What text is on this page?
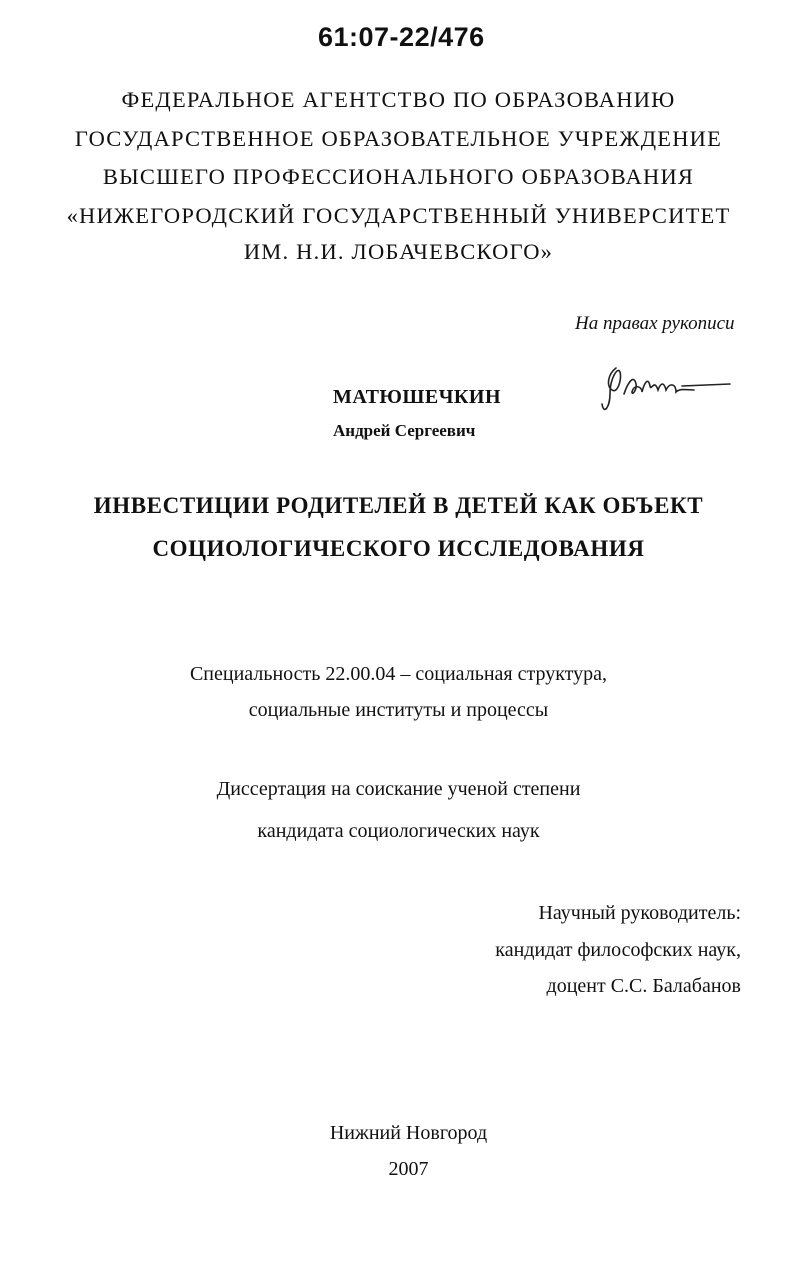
61:07-22/476
ФЕДЕРАЛЬНОЕ АГЕНТСТВО ПО ОБРАЗОВАНИЮ
ГОСУДАРСТВЕННОЕ ОБРАЗОВАТЕЛЬНОЕ УЧРЕЖДЕНИЕ
ВЫСШЕГО ПРОФЕССИОНАЛЬНОГО ОБРАЗОВАНИЯ
«НИЖЕГОРОДСКИЙ ГОСУДАРСТВЕННЫЙ УНИВЕРСИТЕТ
ИМ. Н.И. ЛОБАЧЕВСКОГО»
На правах рукописи
МАТЮШЕЧКИН
Андрей Сергеевич
ИНВЕСТИЦИИ РОДИТЕЛЕЙ В ДЕТЕЙ КАК ОБЪЕКТ
СОЦИОЛОГИЧЕСКОГО ИССЛЕДОВАНИЯ
Специальность 22.00.04 – социальная структура,
социальные институты и процессы
Диссертация на соискание ученой степени
кандидата социологических наук
Научный руководитель:
кандидат философских наук,
доцент С.С. Балабанов
Нижний Новгород
2007
